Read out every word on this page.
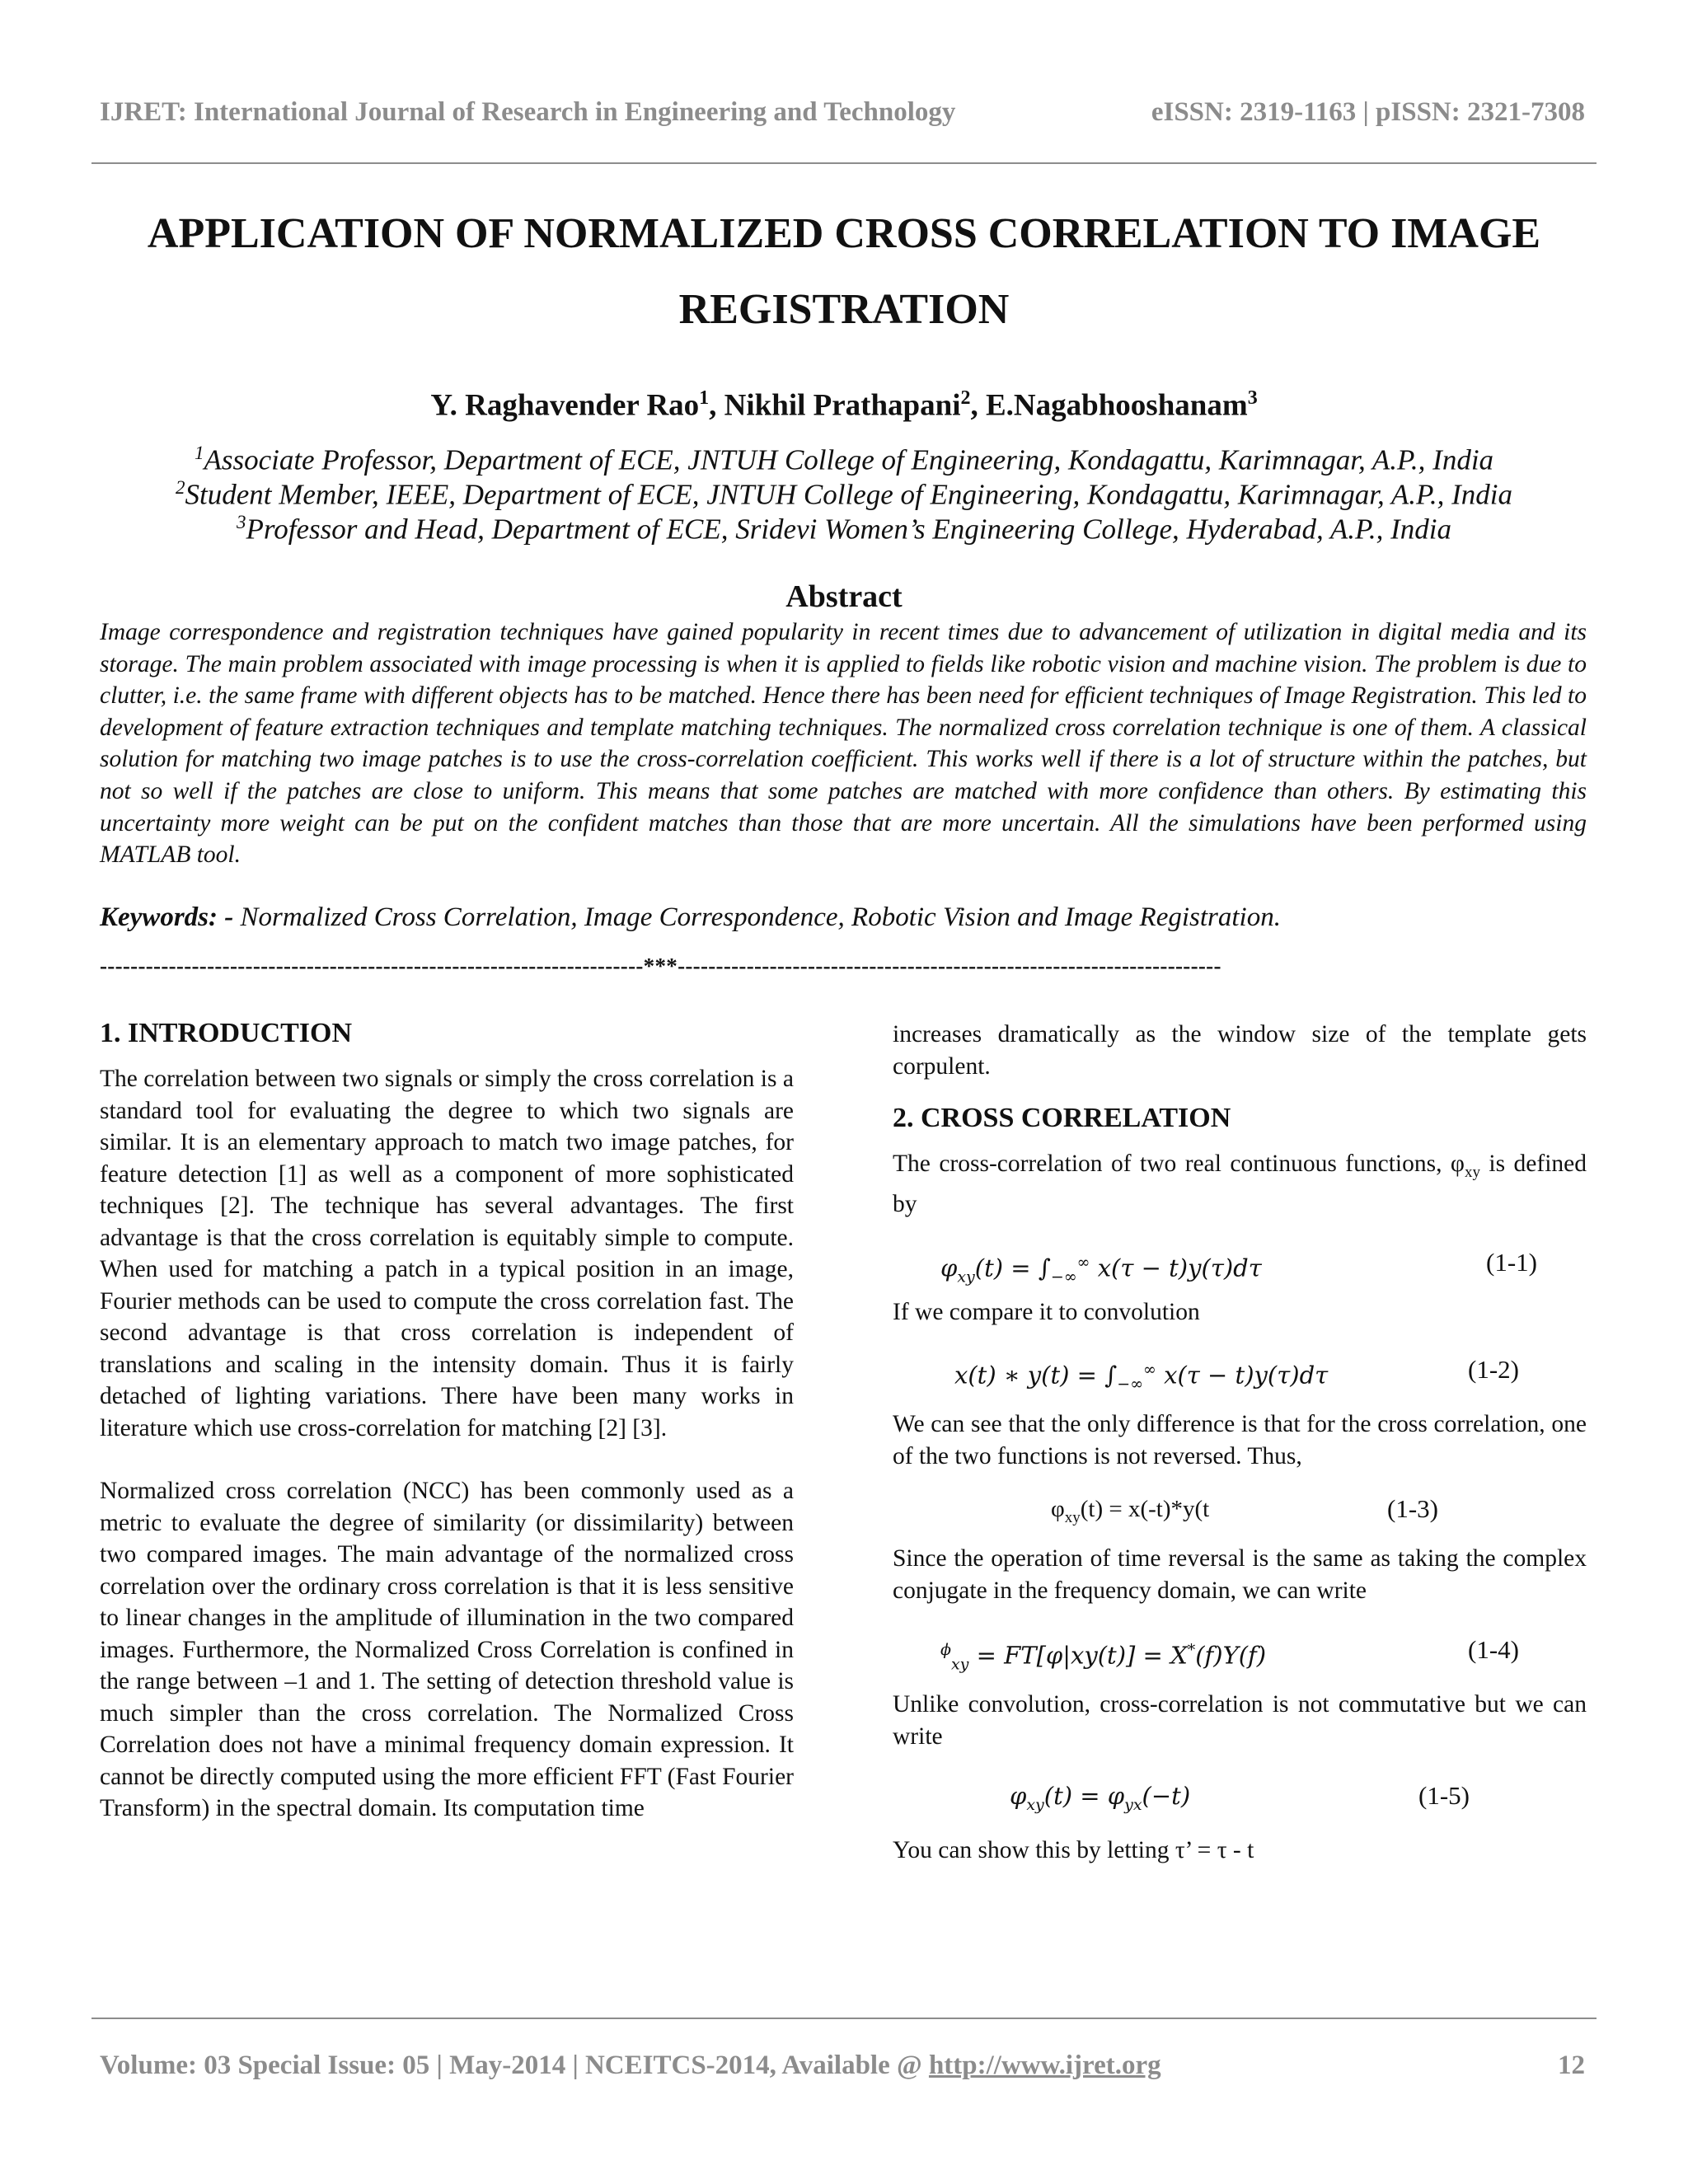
IJRET: International Journal of Research in Engineering and Technology	eISSN: 2319-1163 | pISSN: 2321-7308
APPLICATION OF NORMALIZED CROSS CORRELATION TO IMAGE REGISTRATION
Y. Raghavender Rao$^1$, Nikhil Prathapani$^2$, E.Nagabhooshanam$^3$
$^1$Associate Professor, Department of ECE, JNTUH College of Engineering, Kondagattu, Karimnagar, A.P., India
$^2$Student Member, IEEE, Department of ECE, JNTUH College of Engineering, Kondagattu, Karimnagar, A.P., India
$^3$Professor and Head, Department of ECE, Sridevi Women’s Engineering College, Hyderabad, A.P., India
Abstract
Image correspondence and registration techniques have gained popularity in recent times due to advancement of utilization in digital media and its storage. The main problem associated with image processing is when it is applied to fields like robotic vision and machine vision. The problem is due to clutter, i.e. the same frame with different objects has to be matched. Hence there has been need for efficient techniques of Image Registration. This led to development of feature extraction techniques and template matching techniques. The normalized cross correlation technique is one of them. A classical solution for matching two image patches is to use the cross-correlation coefficient. This works well if there is a lot of structure within the patches, but not so well if the patches are close to uniform. This means that some patches are matched with more confidence than others. By estimating this uncertainty more weight can be put on the confident matches than those that are more uncertain. All the simulations have been performed using MATLAB tool.
Keywords: - Normalized Cross Correlation, Image Correspondence, Robotic Vision and Image Registration.
-----------------------------------------------------------------------***-----------------------------------------------------------------------
1. INTRODUCTION

The correlation between two signals or simply the cross correlation is a standard tool for evaluating the degree to which two signals are similar. It is an elementary approach to match two image patches, for feature detection [1] as well as a component of more sophisticated techniques [2]. The technique has several advantages. The first advantage is that the cross correlation is equitably simple to compute. When used for matching a patch in a typical position in an image, Fourier methods can be used to compute the cross correlation fast. The second advantage is that cross correlation is independent of translations and scaling in the intensity domain. Thus it is fairly detached of lighting variations. There have been many works in literature which use cross-correlation for matching [2] [3].

Normalized cross correlation (NCC) has been commonly used as a metric to evaluate the degree of similarity (or dissimilarity) between two compared images. The main advantage of the normalized cross correlation over the ordinary cross correlation is that it is less sensitive to linear changes in the amplitude of illumination in the two compared images. Furthermore, the Normalized Cross Correlation is confined in the range between –1 and 1. The setting of detection threshold value is much simpler than the cross correlation. The Normalized Cross Correlation does not have a minimal frequency domain expression. It cannot be directly computed using the more efficient FFT (Fast Fourier Transform) in the spectral domain. Its computation time

increases dramatically as the window size of the template gets corpulent.

2. CROSS CORRELATION

The cross-correlation of two real continuous functions, $\varphi_{xy}$ is defined by

$\varphi_{xy}(t) = \int_{-\infty}^\infty$ x(τ − t)y(τ)dτ	(1-1)

If we compare it to convolution

x(t) ∗ $y(t) = \int_{-\infty}^\infty$ x(τ − t)y(τ)dτ	(1-2)

We can see that the only difference is that for the cross correlation, one of the two functions is not reversed. Thus,

$\varphi_{xy}(t) = x(-t)*y(t$	(1-3)

Since the operation of time reversal is the same as taking the complex conjugate in the frequency domain, we can write

$^\phi_{xy}$ = FT[φ|xy(t)] = X*(f)Y(f)	(1-4)

Unlike convolution, cross-correlation is not commutative but we can write

$\varphi_{xy}(t) = \varphi_{yx}(-t)$	(1-5)

You can show this by letting τ’ = τ - t

Volume: 03 Special Issue: 05 | May-2014 | NCEITCS-2014, Available @ http://www.ijret.org	12
